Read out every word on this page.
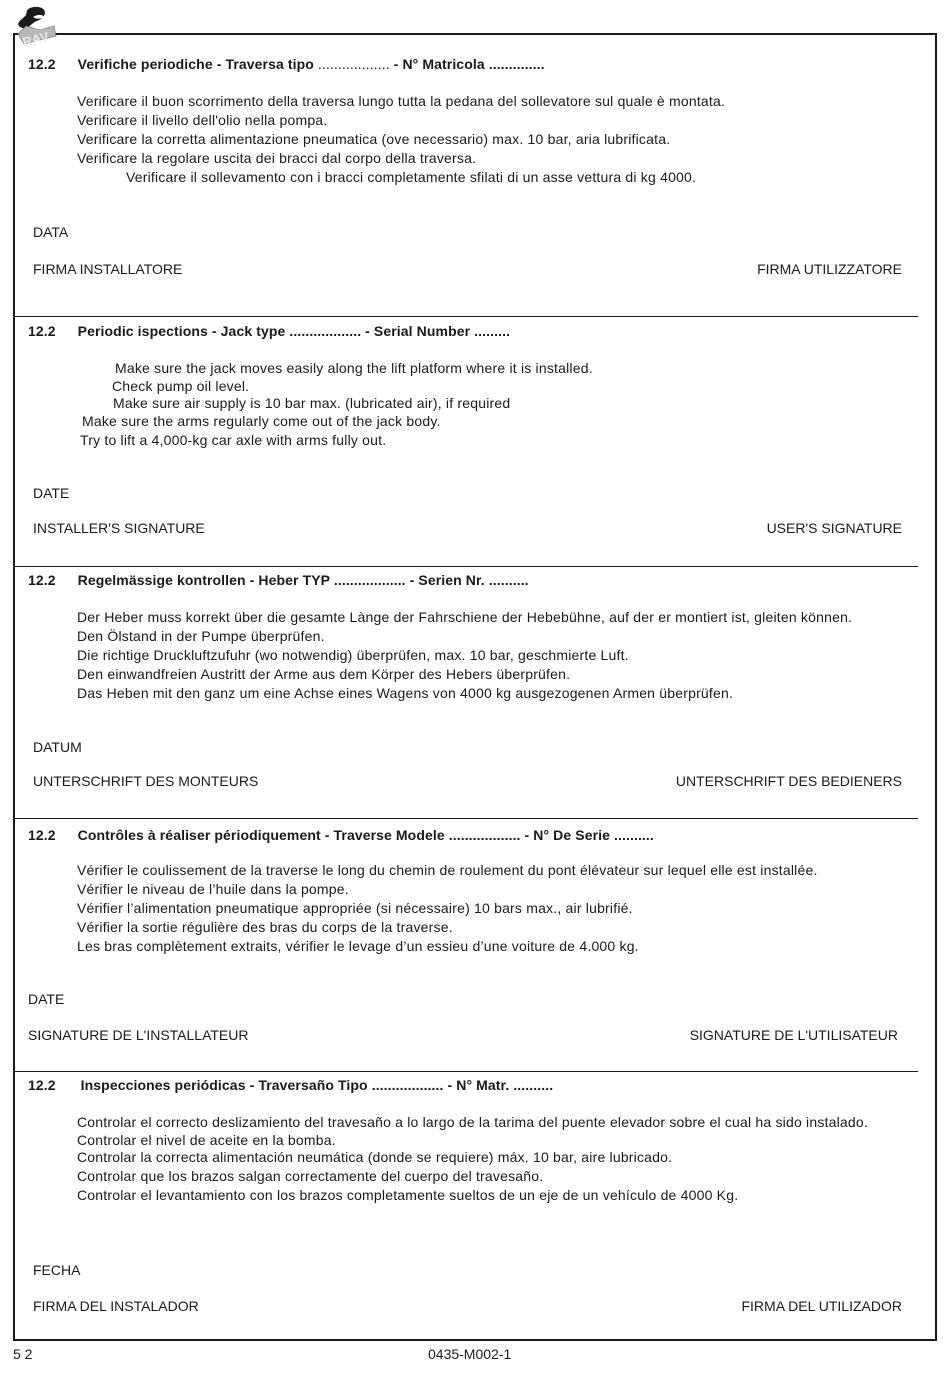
RAV
12.2 Verifiche periodiche - Traversa tipo .................. - N° Matricola ..............
Verificare il buon scorrimento della traversa lungo tutta la pedana del sollevatore sul quale è montata.
Verificare il livello dell'olio nella pompa.
Verificare la corretta alimentazione pneumatica (ove necessario) max. 10 bar, aria lubrificata.
Verificare la regolare uscita dei bracci dal corpo della traversa.
Verificare il sollevamento con i bracci completamente sfilati di un asse vettura di kg 4000.
DATA
FIRMA INSTALLATORE	FIRMA UTILIZZATORE
12.2 Periodic ispections - Jack type .................. - Serial Number .........
Make sure the jack moves easily along the lift platform where it is installed.
Check pump oil level.
Make sure air supply is 10 bar max. (lubricated air), if required
Make sure the arms regularly come out of the jack body.
Try to lift a 4,000-kg car axle with arms fully out.
DATE
INSTALLER'S SIGNATURE	USER'S SIGNATURE
12.2 Regelmässige kontrollen - Heber TYP .................. - Serien Nr. ..........
Der Heber muss korrekt über die gesamte Lànge der Fahrschiene der Hebebühne, auf der er montiert ist, gleiten können.
Den Ölstand in der Pumpe überprüfen.
Die richtige Druckluftzufuhr (wo notwendig) überprüfen, max. 10 bar, geschmierte Luft.
Den einwandfreien Austritt der Arme aus dem Körper des Hebers überprüfen.
Das Heben mit den ganz um eine Achse eines Wagens von 4000 kg ausgezogenen Armen überprüfen.
DATUM
UNTERSCHRIFT DES MONTEURS	UNTERSCHRIFT DES BEDIENERS
12.2 Contrôles à réaliser périodiquement - Traverse Modele .................. - N° De Serie ..........
Vérifier le coulissement de la traverse le long du chemin de roulement du pont élévateur sur lequel elle est installée.
Vérifier le niveau de l’huile dans la pompe.
Vérifier l’alimentation pneumatique appropriée (si nécessaire) 10 bars max., air lubrifié.
Vérifier la sortie régulière des bras du corps de la traverse.
Les bras complètement extraits, vérifier le levage d’un essieu d’une voiture de 4.000 kg.
DATE
SIGNATURE DE L'INSTALLATEUR	SIGNATURE DE L'UTILISATEUR
12.2 Inspecciones periódicas - Traversaño Tipo .................. - N° Matr. ..........
Controlar el correcto deslizamiento del travesaño a lo largo de la tarima del puente elevador sobre el cual ha sido instalado.
Controlar el nivel de aceite en la bomba.
Controlar la correcta alimentación neumática (donde se requiere) máx. 10 bar, aire lubricado.
Controlar que los brazos salgan correctamente del cuerpo del travesaño.
Controlar el levantamiento con los brazos completamente sueltos de un eje de un vehículo de 4000 Kg.
FECHA
FIRMA DEL INSTALADOR	FIRMA DEL UTILIZADOR
5 2	0435-M002-1
